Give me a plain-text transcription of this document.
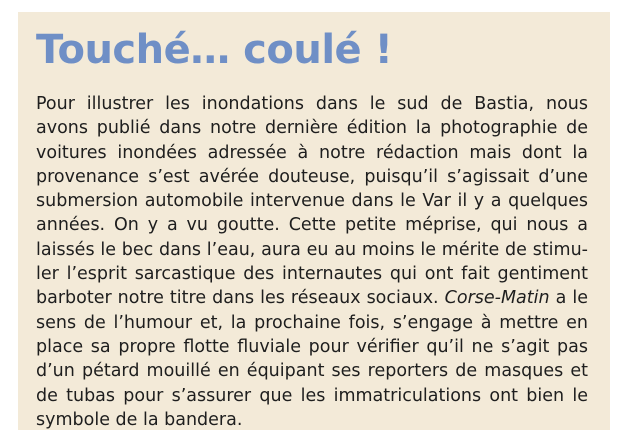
Touché… coulé !
Pour illustrer les inondations dans le sud de Bastia, nous
avons publié dans notre dernière édition la photographie de
voitures inondées adressée à notre rédaction mais dont la
provenance s’est avérée douteuse, puisqu’il s’agissait d’une
submersion automobile intervenue dans le Var il y a quelques
années. On y a vu goutte. Cette petite méprise, qui nous a
laissés le bec dans l’eau, aura eu au moins le mérite de stimu-
ler l’esprit sarcastique des internautes qui ont fait gentiment
barboter notre titre dans les réseaux sociaux. Corse-Matin a le
sens de l’humour et, la prochaine fois, s’engage à mettre en
place sa propre flotte fluviale pour vérifier qu’il ne s’agit pas
d’un pétard mouillé en équipant ses reporters de masques et
de tubas pour s’assurer que les immatriculations ont bien le
symbole de la bandera.
